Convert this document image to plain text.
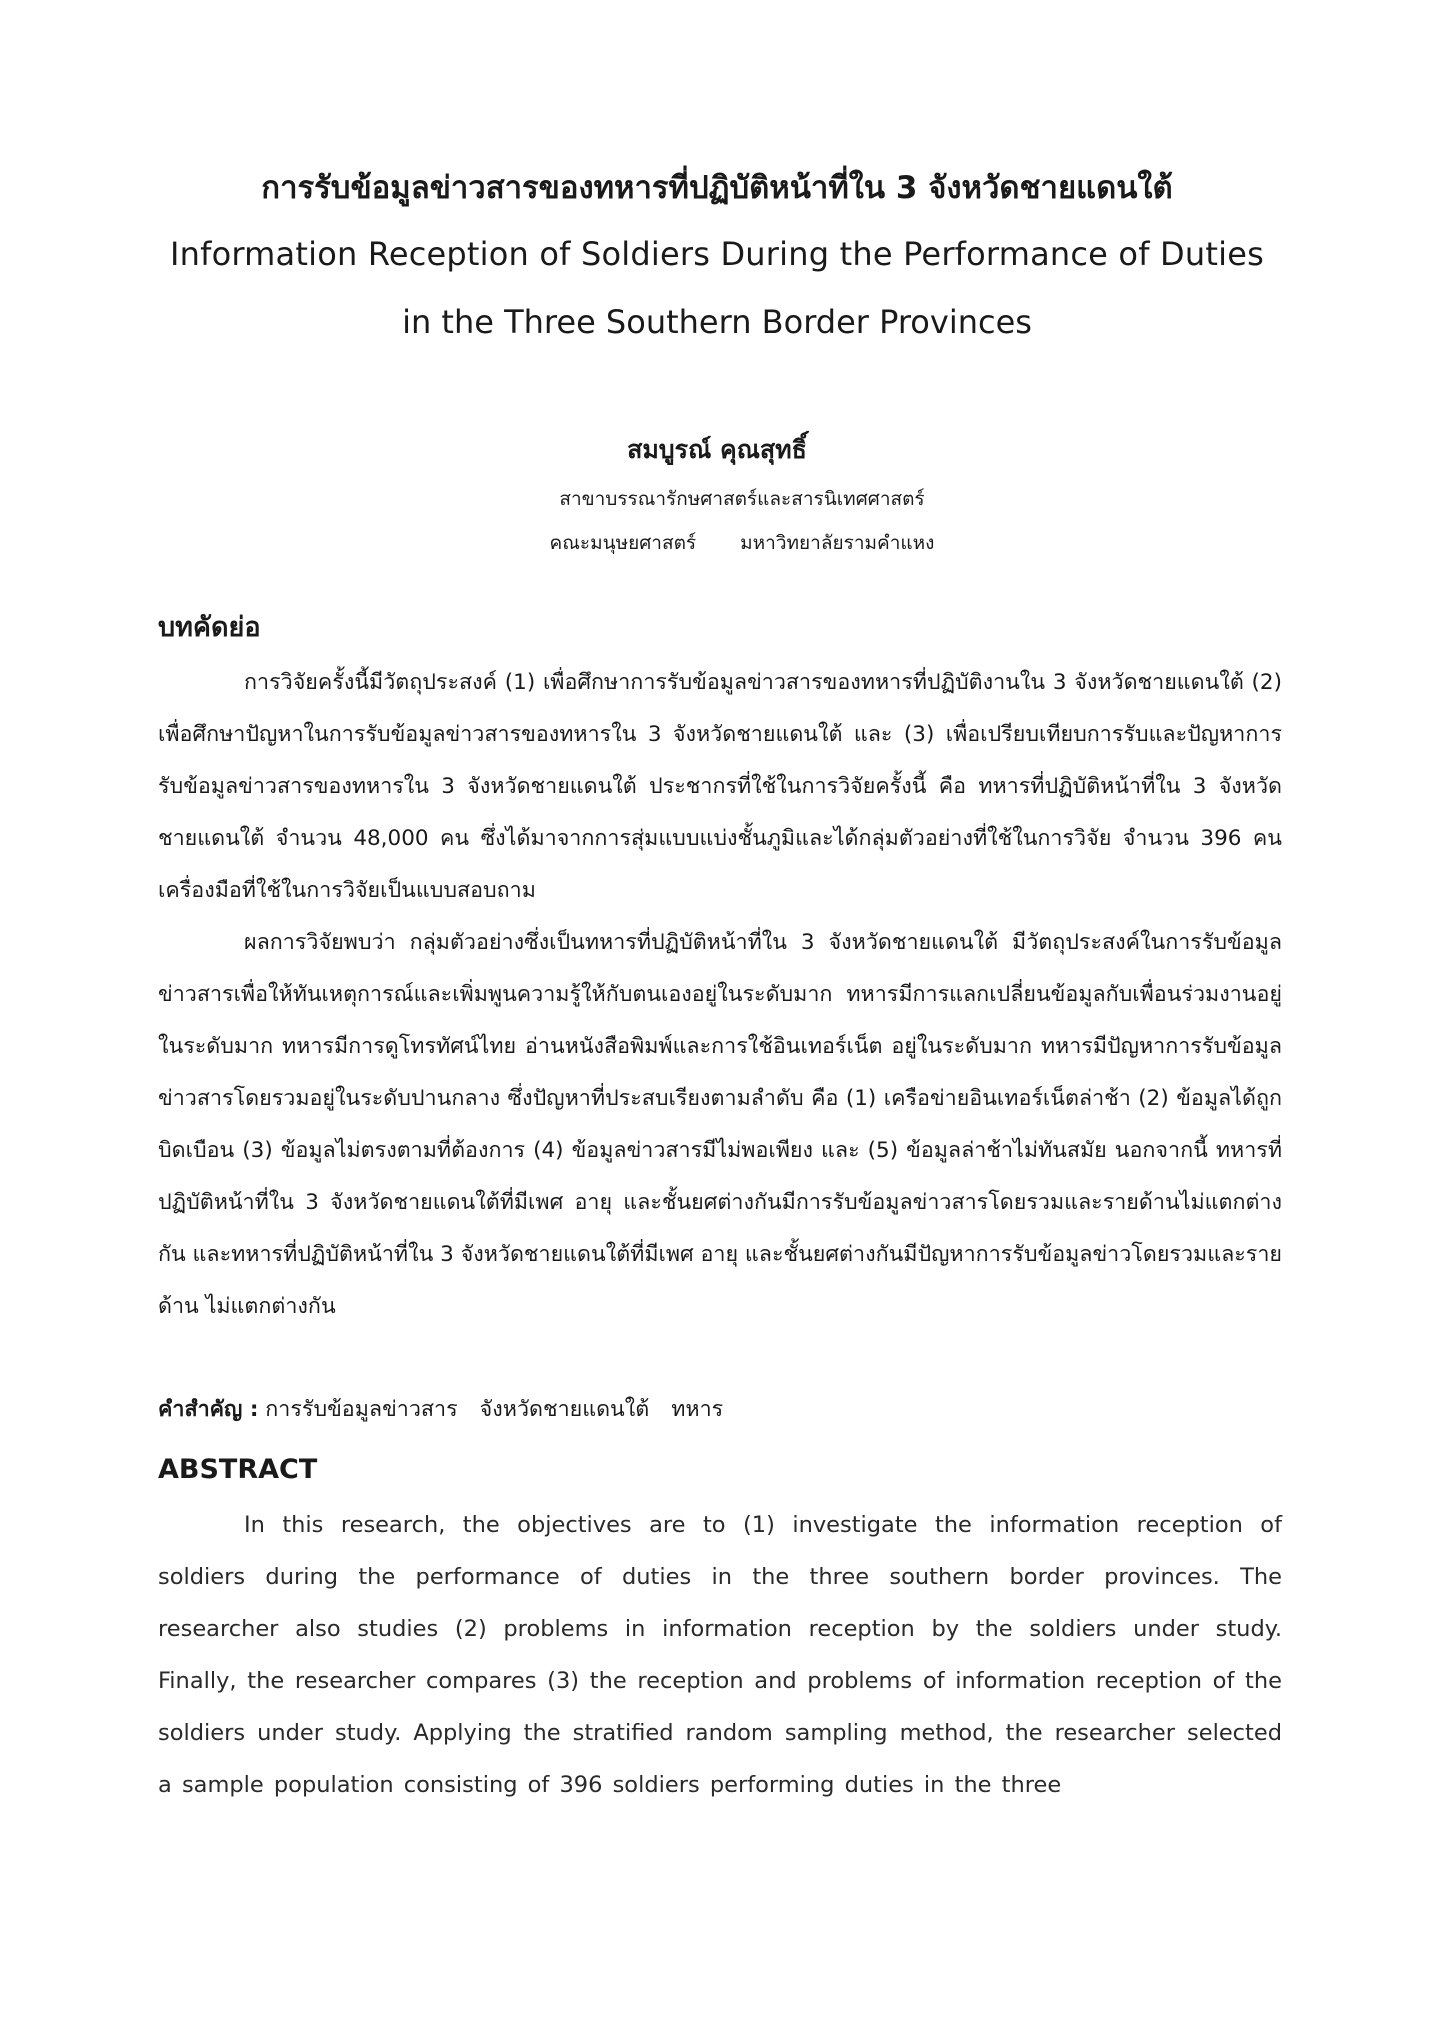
การรับข้อมูลข่าวสารของทหารที่ปฏิบัติหน้าที่ใน 3 จังหวัดชายแดนใต้
Information Reception of Soldiers During the Performance of Duties
in the Three Southern Border Provinces
สมบูรณ์ คุณสุทธิ์
สาขาบรรณารักษศาสตร์และสารนิเทศศาสตร์
คณะมนุษยศาสตร์ มหาวิทยาลัยรามคำแหง
บทคัดย่อ

การวิจัยครั้งนี้มีวัตถุประสงค์ (1) เพื่อศึกษาการรับข้อมูลข่าวสารของทหารที่ปฏิบัติงานใน 3 จังหวัดชายแดนใต้ (2) เพื่อศึกษาปัญหาในการรับข้อมูลข่าวสารของทหารใน 3 จังหวัดชายแดนใต้ และ (3) เพื่อเปรียบเทียบการรับและปัญหาการรับข้อมูลข่าวสารของทหารใน 3 จังหวัดชายแดนใต้ ประชากรที่ใช้ในการวิจัยครั้งนี้ คือ ทหารที่ปฏิบัติหน้าที่ใน 3 จังหวัดชายแดนใต้ จำนวน 48,000 คน ซึ่งได้มาจากการสุ่มแบบแบ่งชั้นภูมิและได้กลุ่มตัวอย่างที่ใช้ในการวิจัย จำนวน 396 คน เครื่องมือที่ใช้ในการวิจัยเป็นแบบสอบถาม

ผลการวิจัยพบว่า กลุ่มตัวอย่างซึ่งเป็นทหารที่ปฏิบัติหน้าที่ใน 3 จังหวัดชายแดนใต้ มีวัตถุประสงค์ในการรับข้อมูลข่าวสารเพื่อให้ทันเหตุการณ์และเพิ่มพูนความรู้ให้กับตนเองอยู่ในระดับมาก ทหารมีการแลกเปลี่ยนข้อมูลกับเพื่อนร่วมงานอยู่ในระดับมาก ทหารมีการดูโทรทัศน์ไทย อ่านหนังสือพิมพ์และการใช้อินเทอร์เน็ต อยู่ในระดับมาก ทหารมีปัญหาการรับข้อมูลข่าวสารโดยรวมอยู่ในระดับปานกลาง ซึ่งปัญหาที่ประสบเรียงตามลำดับ คือ (1) เครือข่ายอินเทอร์เน็ตล่าช้า (2) ข้อมูลได้ถูกบิดเบือน (3) ข้อมูลไม่ตรงตามที่ต้องการ (4) ข้อมูลข่าวสารมีไม่พอเพียง และ (5) ข้อมูลล่าช้าไม่ทันสมัย นอกจากนี้ ทหารที่ปฏิบัติหน้าที่ใน 3 จังหวัดชายแดนใต้ที่มีเพศ อายุ และชั้นยศต่างกันมีการรับข้อมูลข่าวสารโดยรวมและรายด้านไม่แตกต่างกัน และทหารที่ปฏิบัติหน้าที่ใน 3 จังหวัดชายแดนใต้ที่มีเพศ อายุ และชั้นยศต่างกันมีปัญหาการรับข้อมูลข่าวโดยรวมและรายด้าน ไม่แตกต่างกัน

คำสำคัญ : การรับข้อมูลข่าวสาร จังหวัดชายแดนใต้ ทหาร
ABSTRACT

In this research, the objectives are to (1) investigate the information reception of soldiers during the performance of duties in the three southern border provinces. The researcher also studies (2) problems in information reception by the soldiers under study. Finally, the researcher compares (3) the reception and problems of information reception of the soldiers under study. Applying the stratified random sampling method, the researcher selected a sample population consisting of 396 soldiers performing duties in the three
